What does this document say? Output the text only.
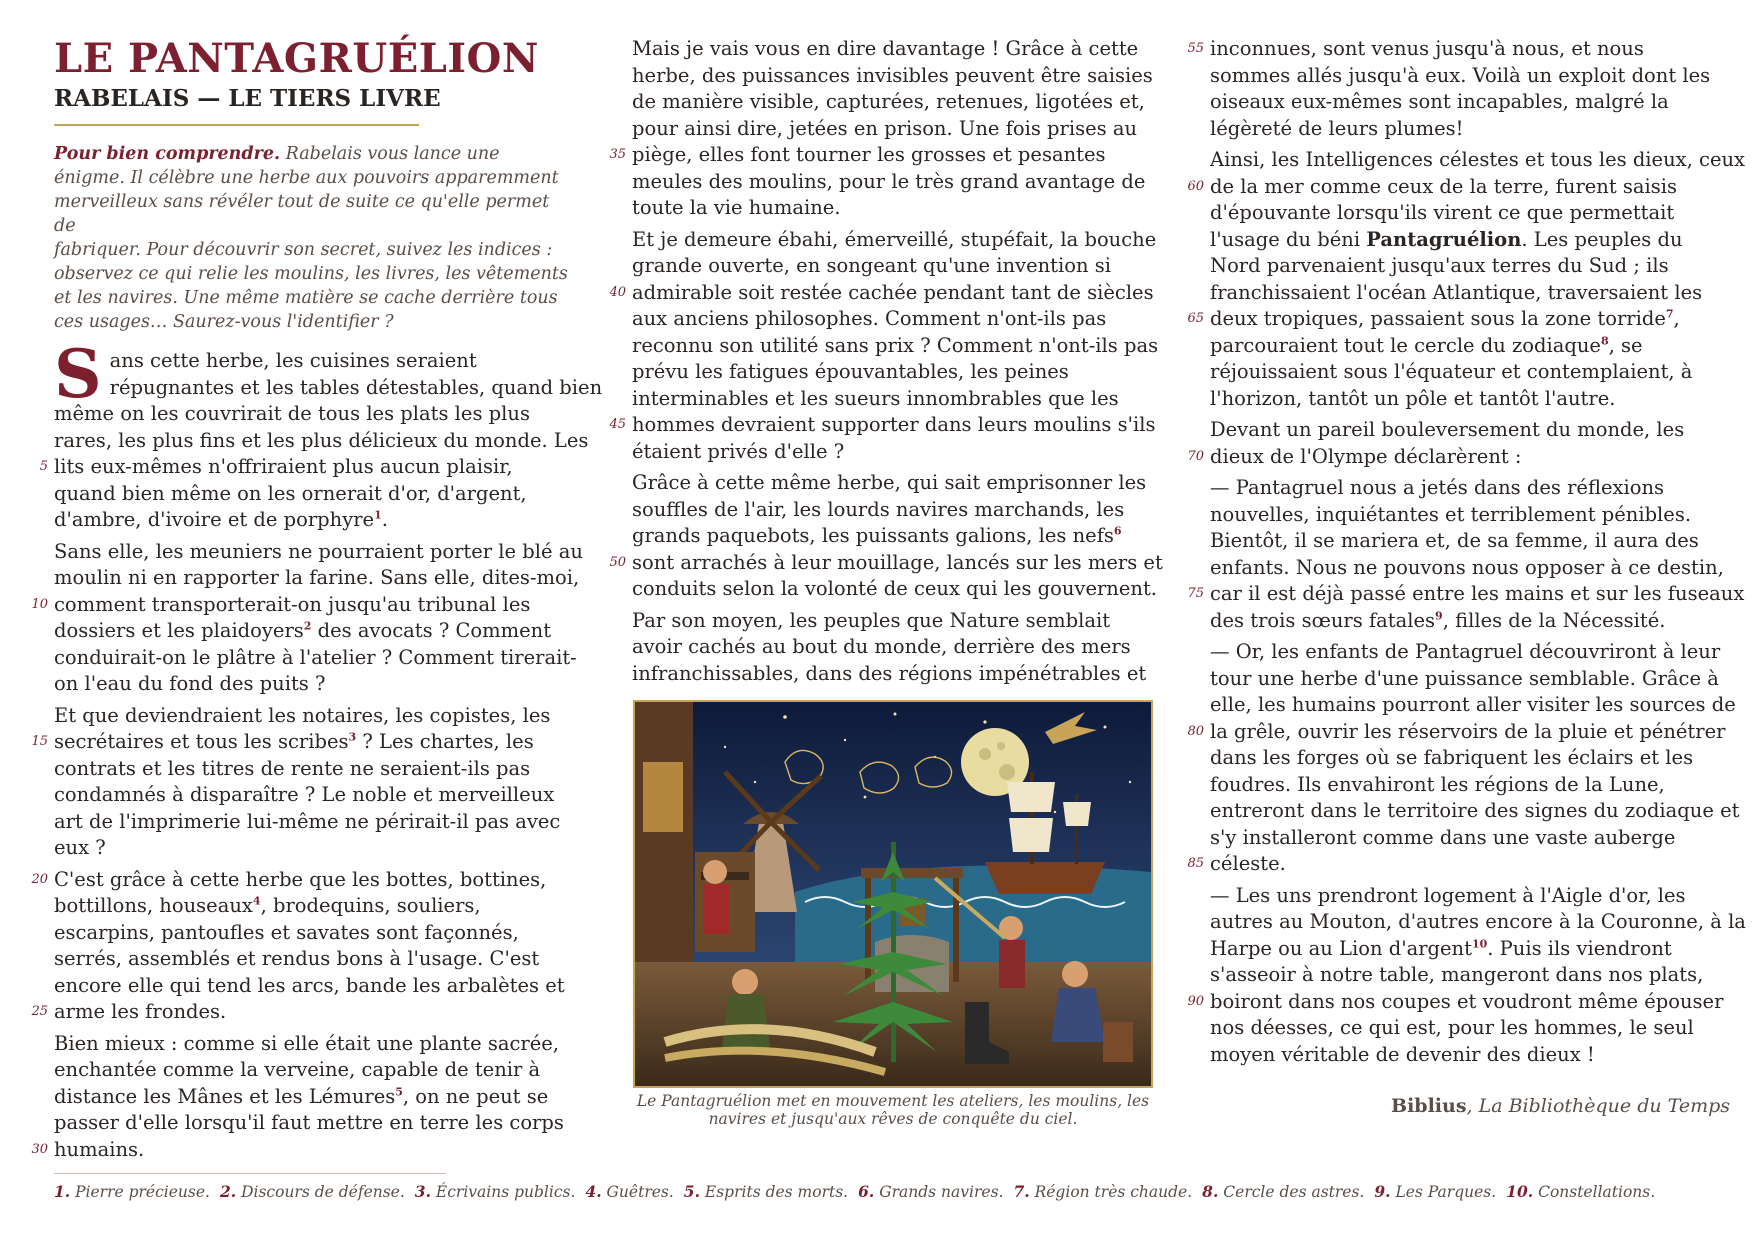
LE PANTAGRUÉLION
RABELAIS — LE TIERS LIVRE
Pour bien comprendre. Rabelais vous lance une
énigme. Il célèbre une herbe aux pouvoirs apparemment
merveilleux sans révéler tout de suite ce qu'elle permet de
fabriquer. Pour découvrir son secret, suivez les indices :
observez ce qui relie les moulins, les livres, les vêtements
et les navires. Une même matière se cache derrière tous
ces usages… Saurez-vous l'identifier ?
Sans cette herbe, les cuisines seraient
répugnantes et les tables détestables, quand bien
même on les couvrirait de tous les plats les plus
rares, les plus fins et les plus délicieux du monde. Les
5 lits eux-mêmes n'offriraient plus aucun plaisir,
quand bien même on les ornerait d'or, d'argent,
d'ambre, d'ivoire et de porphyre$^1$.
Sans elle, les meuniers ne pourraient porter le blé au
moulin ni en rapporter la farine. Sans elle, dites-moi,
10 comment transporterait-on jusqu'au tribunal les
dossiers et les plaidoyers$^2$ des avocats ? Comment
conduirait-on le plâtre à l'atelier ? Comment tirerait-
on l'eau du fond des puits ?
Et que deviendraient les notaires, les copistes, les
15 secrétaires et tous les scribes$^3$ ? Les chartes, les
contrats et les titres de rente ne seraient-ils pas
condamnés à disparaître ? Le noble et merveilleux
art de l'imprimerie lui-même ne périrait-il pas avec
eux ?
20 C'est grâce à cette herbe que les bottes, bottines,
bottillons, houseaux$^4$, brodequins, souliers,
escarpins, pantoufles et savates sont façonnés,
serrés, assemblés et rendus bons à l'usage. C'est
encore elle qui tend les arcs, bande les arbalètes et
25 arme les frondes.
Bien mieux : comme si elle était une plante sacrée,
enchantée comme la verveine, capable de tenir à
distance les Mânes et les Lémures$^5$, on ne peut se
passer d'elle lorsqu'il faut mettre en terre les corps
30 humains.
Mais je vais vous en dire davantage ! Grâce à cette
herbe, des puissances invisibles peuvent être saisies
de manière visible, capturées, retenues, ligotées et,
pour ainsi dire, jetées en prison. Une fois prises au
35 piège, elles font tourner les grosses et pesantes
meules des moulins, pour le très grand avantage de
toute la vie humaine.
Et je demeure ébahi, émerveillé, stupéfait, la bouche
grande ouverte, en songeant qu'une invention si
40 admirable soit restée cachée pendant tant de siècles
aux anciens philosophes. Comment n'ont-ils pas
reconnu son utilité sans prix ? Comment n'ont-ils pas
prévu les fatigues épouvantables, les peines
interminables et les sueurs innombrables que les
45 hommes devraient supporter dans leurs moulins s'ils
étaient privés d'elle ?
Grâce à cette même herbe, qui sait emprisonner les
souffles de l'air, les lourds navires marchands, les
grands paquebots, les puissants galions, les nefs$^6$
50 sont arrachés à leur mouillage, lancés sur les mers et
conduits selon la volonté de ceux qui les gouvernent.
Par son moyen, les peuples que Nature semblait
avoir cachés au bout du monde, derrière des mers
infranchissables, dans des régions impénétrables et
55 inconnues, sont venus jusqu'à nous, et nous
sommes allés jusqu'à eux. Voilà un exploit dont les
oiseaux eux-mêmes sont incapables, malgré la
légèreté de leurs plumes!
Ainsi, les Intelligences célestes et tous les dieux, ceux
60 de la mer comme ceux de la terre, furent saisis
d'épouvante lorsqu'ils virent ce que permettait
l'usage du béni Pantagruélion. Les peuples du
Nord parvenaient jusqu'aux terres du Sud ; ils
franchissaient l'océan Atlantique, traversaient les
65 deux tropiques, passaient sous la zone torride$^7$,
parcouraient tout le cercle du zodiaque$^8$, se
réjouissaient sous l'équateur et contemplaient, à
l'horizon, tantôt un pôle et tantôt l'autre.
Devant un pareil bouleversement du monde, les
70 dieux de l'Olympe déclarèrent :
— Pantagruel nous a jetés dans des réflexions
nouvelles, inquiétantes et terriblement pénibles.
Bientôt, il se mariera et, de sa femme, il aura des
enfants. Nous ne pouvons nous opposer à ce destin,
75 car il est déjà passé entre les mains et sur les fuseaux
des trois sœurs fatales$^9$, filles de la Nécessité.
— Or, les enfants de Pantagruel découvriront à leur
tour une herbe d'une puissance semblable. Grâce à
elle, les humains pourront aller visiter les sources de
80 la grêle, ouvrir les réservoirs de la pluie et pénétrer
dans les forges où se fabriquent les éclairs et les
foudres. Ils envahiront les régions de la Lune,
entreront dans le territoire des signes du zodiaque et
s'y installeront comme dans une vaste auberge
85 céleste.
— Les uns prendront logement à l'Aigle d'or, les
autres au Mouton, d'autres encore à la Couronne, à la
Harpe ou au Lion d'argent$^{10}$. Puis ils viendront
s'asseoir à notre table, mangeront dans nos plats,
90 boiront dans nos coupes et voudront même épouser
nos déesses, ce qui est, pour les hommes, le seul
moyen véritable de devenir des dieux !
Le Pantagruélion met en mouvement les ateliers, les moulins, les navires et jusqu'aux rêves de conquête du ciel.
Biblius, La Bibliothèque du Temps
1. Pierre précieuse. 2. Discours de défense. 3. Écrivains publics. 4. Guêtres. 5. Esprits des morts. 6. Grands navires. 7. Région très chaude. 8. Cercle des astres. 9. Les Parques. 10. Constellations.
